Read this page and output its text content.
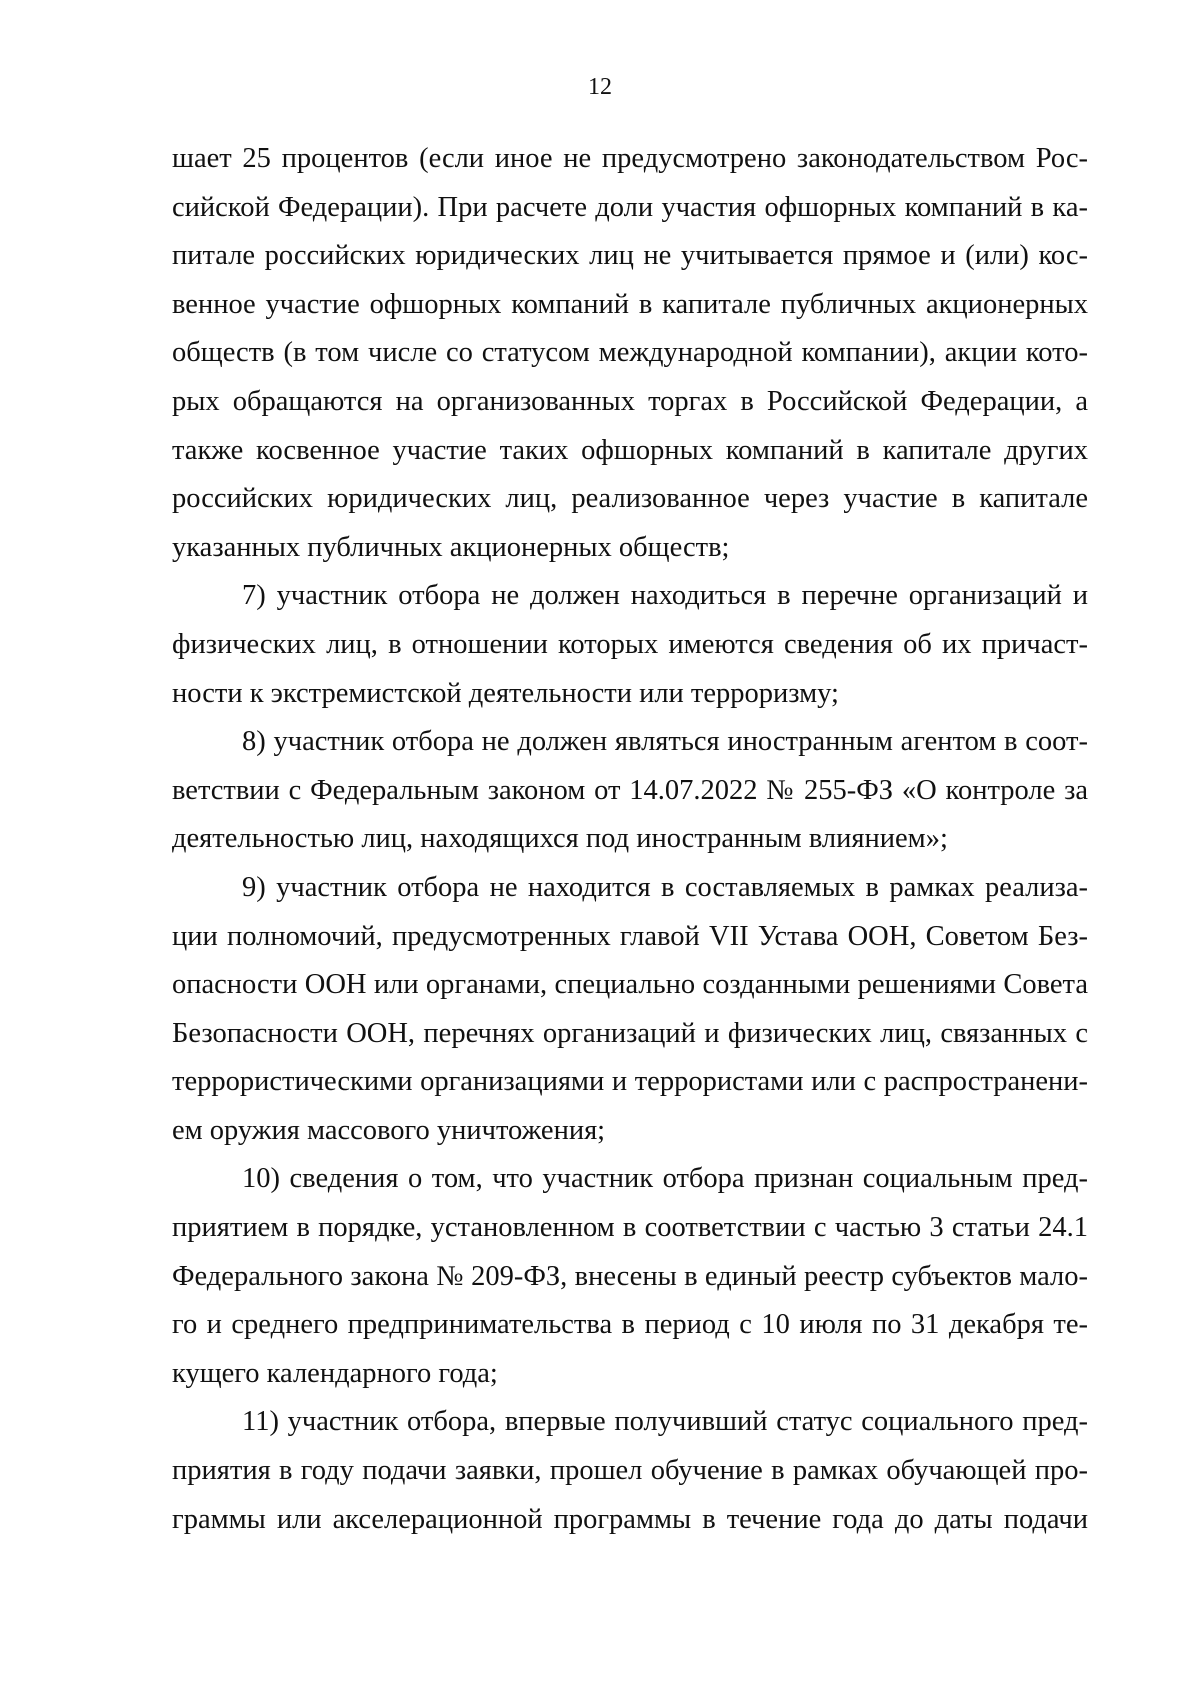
12
шает 25 процентов (если иное не предусмотрено законодательством Рос-
сийской Федерации). При расчете доли участия офшорных компаний в ка-
питале российских юридических лиц не учитывается прямое и (или) кос-
венное участие офшорных компаний в капитале публичных акционерных
обществ (в том числе со статусом международной компании), акции кото-
рых обращаются на организованных торгах в Российской Федерации, а
также косвенное участие таких офшорных компаний в капитале других
российских юридических лиц, реализованное через участие в капитале
указанных публичных акционерных обществ;
7) участник отбора не должен находиться в перечне организаций и
физических лиц, в отношении которых имеются сведения об их причаст-
ности к экстремистской деятельности или терроризму;
8) участник отбора не должен являться иностранным агентом в соот-
ветствии с Федеральным законом от 14.07.2022 № 255-ФЗ «О контроле за
деятельностью лиц, находящихся под иностранным влиянием»;
9) участник отбора не находится в составляемых в рамках реализа-
ции полномочий, предусмотренных главой VII Устава ООН, Советом Без-
опасности ООН или органами, специально созданными решениями Совета
Безопасности ООН, перечнях организаций и физических лиц, связанных с
террористическими организациями и террористами или с распространени-
ем оружия массового уничтожения;
10) сведения о том, что участник отбора признан социальным пред-
приятием в порядке, установленном в соответствии с частью 3 статьи 24.1
Федерального закона № 209-ФЗ, внесены в единый реестр субъектов мало-
го и среднего предпринимательства в период с 10 июля по 31 декабря те-
кущего календарного года;
11) участник отбора, впервые получивший статус социального пред-
приятия в году подачи заявки, прошел обучение в рамках обучающей про-
граммы или акселерационной программы в течение года до даты подачи
